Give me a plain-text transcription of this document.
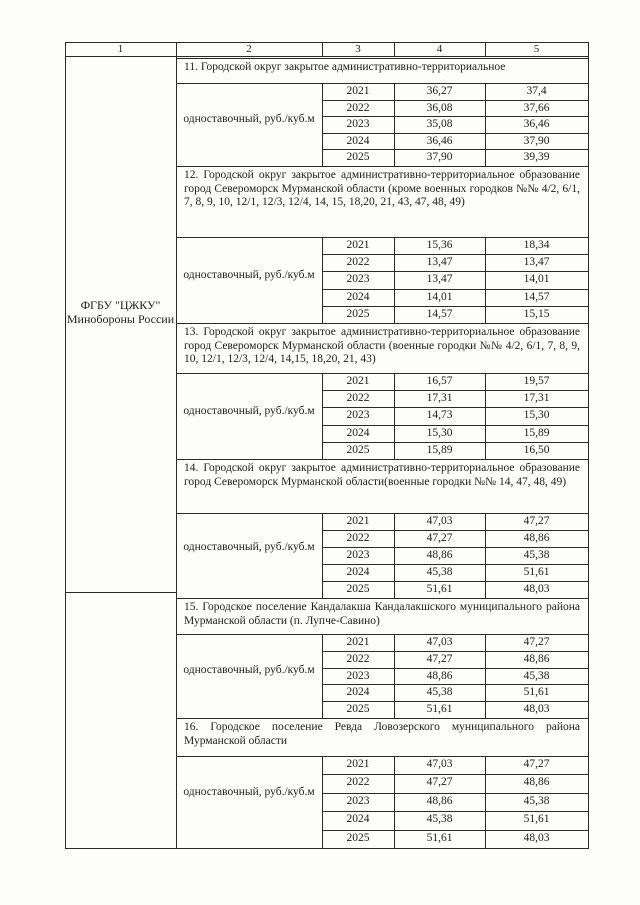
1	2	3	4	5
ФГБУ "ЦЖКУ" Минобороны России
11. Городской округ закрытое административно-территориальное
одноставочный, руб./куб.м
2021	36,27	37,4
2022	36,08	37,66
2023	35,08	36,46
2024	36,46	37,90
2025	37,90	39,39
12. Городской округ закрытое административно-территориальное образование город Североморск Мурманской области (кроме военных городков №№ 4/2, 6/1, 7, 8, 9, 10, 12/1, 12/3, 12/4, 14, 15, 18,20, 21, 43, 47, 48, 49)
одноставочный, руб./куб.м
2021	15,36	18,34
2022	13,47	13,47
2023	13,47	14,01
2024	14,01	14,57
2025	14,57	15,15
13. Городской округ закрытое административно-территориальное образование город Североморск Мурманской области (военные городки №№ 4/2, 6/1, 7, 8, 9, 10, 12/1, 12/3, 12/4, 14,15, 18,20, 21, 43)
одноставочный, руб./куб.м
2021	16,57	19,57
2022	17,31	17,31
2023	14,73	15,30
2024	15,30	15,89
2025	15,89	16,50
14. Городской округ закрытое административно-территориальное образование город Североморск Мурманской области(военные городки №№ 14, 47, 48, 49)
одноставочный, руб./куб.м
2021	47,03	47,27
2022	47,27	48,86
2023	48,86	45,38
2024	45,38	51,61
2025	51,61	48,03
15. Городское поселение Кандалакша Кандалакшского муниципального района Мурманской области (п. Лупче-Савино)
одноставочный, руб./куб.м
2021	47,03	47,27
2022	47,27	48,86
2023	48,86	45,38
2024	45,38	51,61
2025	51,61	48,03
16. Городское поселение Ревда Ловозерского муниципального района Мурманской области
одноставочный, руб./куб.м
2021	47,03	47,27
2022	47,27	48,86
2023	48,86	45,38
2024	45,38	51,61
2025	51,61	48,03
